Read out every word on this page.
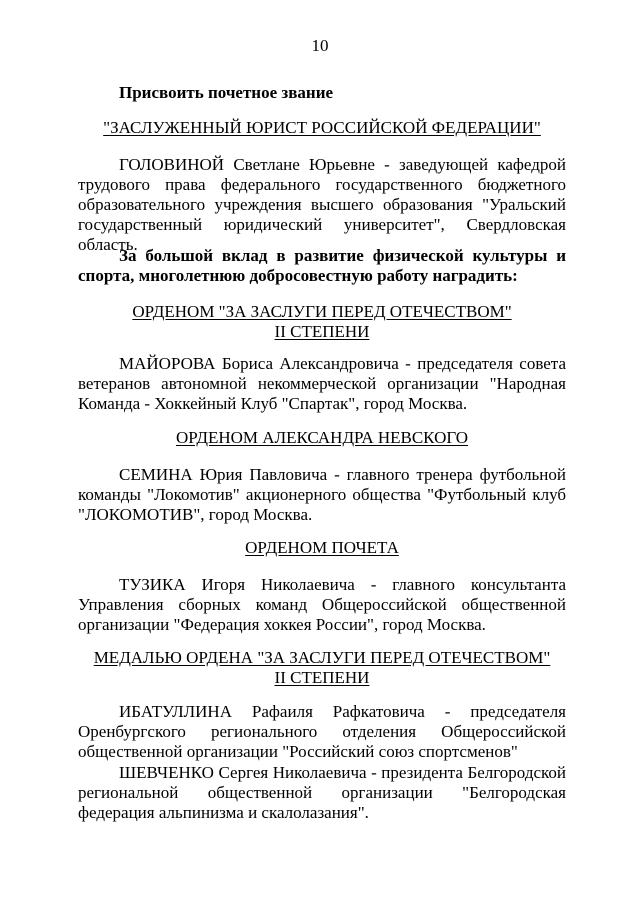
10
Присвоить почетное звание
"ЗАСЛУЖЕННЫЙ ЮРИСТ РОССИЙСКОЙ ФЕДЕРАЦИИ"
ГОЛОВИНОЙ Светлане Юрьевне - заведующей кафедрой трудового права федерального государственного бюджетного образовательного учреждения высшего образования "Уральский государственный юридический университет", Свердловская область.
За большой вклад в развитие физической культуры и спорта, многолетнюю добросовестную работу наградить:
ОРДЕНОМ "ЗА ЗАСЛУГИ ПЕРЕД ОТЕЧЕСТВОМ"
II СТЕПЕНИ
МАЙОРОВА Бориса Александровича - председателя совета ветеранов автономной некоммерческой организации "Народная Команда - Хоккейный Клуб "Спартак", город Москва.
ОРДЕНОМ АЛЕКСАНДРА НЕВСКОГО
СЕМИНА Юрия Павловича - главного тренера футбольной команды "Локомотив" акционерного общества "Футбольный клуб "ЛОКОМОТИВ", город Москва.
ОРДЕНОМ ПОЧЕТА
ТУЗИКА Игоря Николаевича - главного консультанта Управления сборных команд Общероссийской общественной организации "Федерация хоккея России", город Москва.
МЕДАЛЬЮ ОРДЕНА "ЗА ЗАСЛУГИ ПЕРЕД ОТЕЧЕСТВОМ"
II СТЕПЕНИ
ИБАТУЛЛИНА Рафаиля Рафкатовича - председателя Оренбургского регионального отделения Общероссийской общественной организации "Российский союз спортсменов"
ШЕВЧЕНКО Сергея Николаевича - президента Белгородской региональной общественной организации "Белгородская федерация альпинизма и скалолазания".
